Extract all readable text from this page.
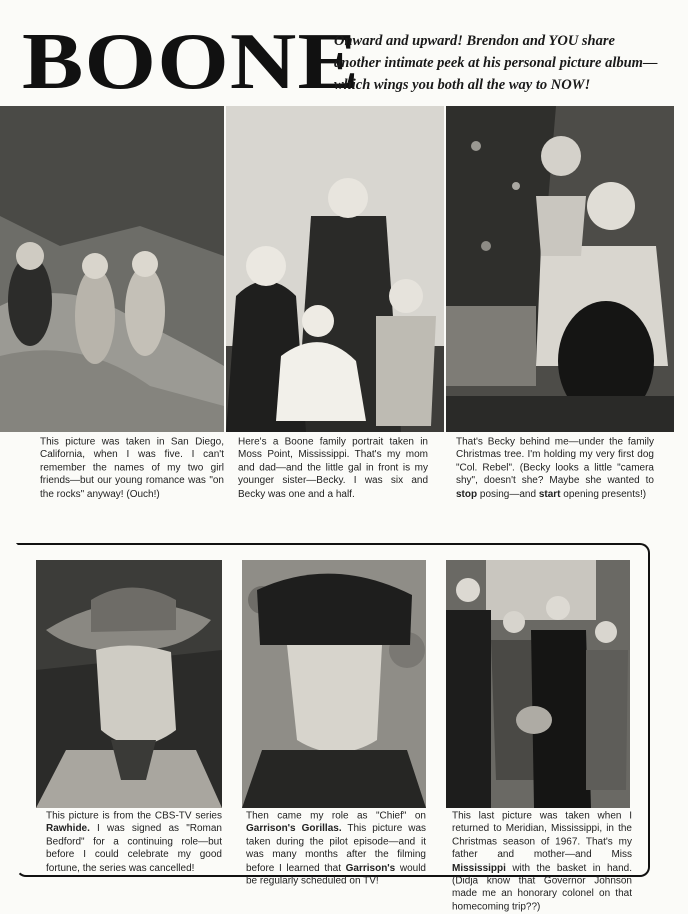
BOONE
Onward and upward! Brendon and YOU share another intimate peek at his personal picture album—which wings you both all the way to NOW!
This picture was taken in San Diego, California, when I was five. I can't remember the names of my two girl friends—but our young romance was "on the rocks" anyway! (Ouch!)
Here's a Boone family portrait taken in Moss Point, Mississippi. That's my mom and dad—and the little gal in front is my younger sister—Becky. I was six and Becky was one and a half.
That's Becky behind me—under the family Christmas tree. I'm holding my very first dog "Col. Rebel". (Becky looks a little "camera shy", doesn't she? Maybe she wanted to stop posing—and start opening presents!)
This picture is from the CBS-TV series Rawhide. I was signed as "Roman Bedford" for a continuing role—but before I could celebrate my good fortune, the series was cancelled!
Then came my role as "Chief" on Garrison's Gorillas. This picture was taken during the pilot episode—and it was many months after the filming before I learned that Garrison's would be regularly scheduled on TV!
This last picture was taken when I returned to Meridian, Mississippi, in the Christmas season of 1967. That's my father and mother—and Miss Mississippi with the basket in hand. (Didja know that Governor Johnson made me an honorary colonel on that homecoming trip??)
